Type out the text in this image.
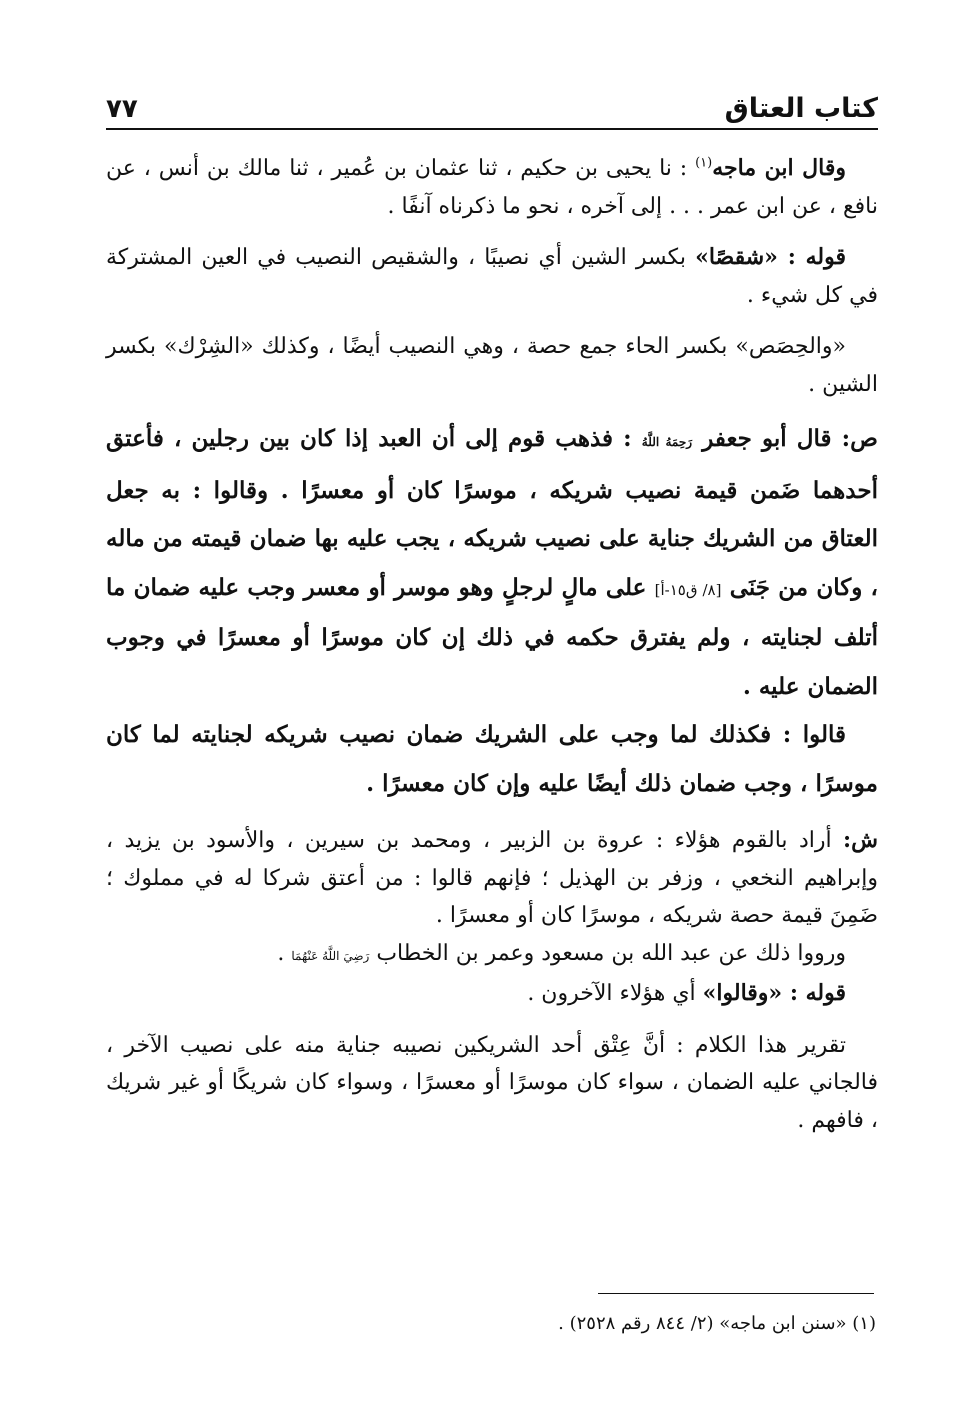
كتاب العتاق
٧٧

وقال ابن ماجه$^{(١)}$ : نا يحيى بن حكيم ، ثنا عثمان بن عُمير ، ثنا مالك بن أنس ، عن نافع ، عن ابن عمر . . . إلى آخره ، نحو ما ذكرناه آنفًا .

قوله : «شقصًا» بكسر الشين أي نصيبًا ، والشقيص النصيب في العين المشتركة في كل شيء .

«والحِصَص» بكسر الحاء جمع حصة ، وهي النصيب أيضًا ، وكذلك «الشِرْك» بكسر الشين .

ص: قال أبو جعفر رَحِمَهُ اللَّهُ : فذهب قوم إلى أن العبد إذا كان بين رجلين ، فأعتق أحدهما ضَمن قيمة نصيب شريكه ، موسرًا كان أو معسرًا . وقالوا : به جعل العتاق من الشريك جناية على نصيب شريكه ، يجب عليه بها ضمان قيمته من ماله ، وكان من جَنَى [٨/ ق١٥-أ] على مالٍ لرجلٍ وهو موسر أو معسر وجب عليه ضمان ما أتلف لجنايته ، ولم يفترق حكمه في ذلك إن كان موسرًا أو معسرًا في وجوب الضمان عليه .

قالوا : فكذلك لما وجب على الشريك ضمان نصيب شريكه لجنايته لما كان موسرًا ، وجب ضمان ذلك أيضًا عليه وإن كان معسرًا .

ش: أراد بالقوم هؤلاء : عروة بن الزبير ، ومحمد بن سيرين ، والأسود بن يزيد ، وإبراهيم النخعي ، وزفر بن الهذيل ؛ فإنهم قالوا : من أعتق شركا له في مملوك ؛ ضَمِنَ قيمة حصة شريكه ، موسرًا كان أو معسرًا .

ورووا ذلك عن عبد الله بن مسعود وعمر بن الخطاب رَضِيَ اللَّهُ عَنْهُمَا .

قوله : «وقالوا» أي هؤلاء الآخرون .

تقرير هذا الكلام : أنَّ عِتْق أحد الشريكين نصيبه جناية منه على نصيب الآخر ، فالجاني عليه الضمان ، سواء كان موسرًا أو معسرًا ، وسواء كان شريكًا أو غير شريك ، فافهم .

(١) «سنن ابن ماجه» (٢/ ٨٤٤ رقم ٢٥٢٨) .
